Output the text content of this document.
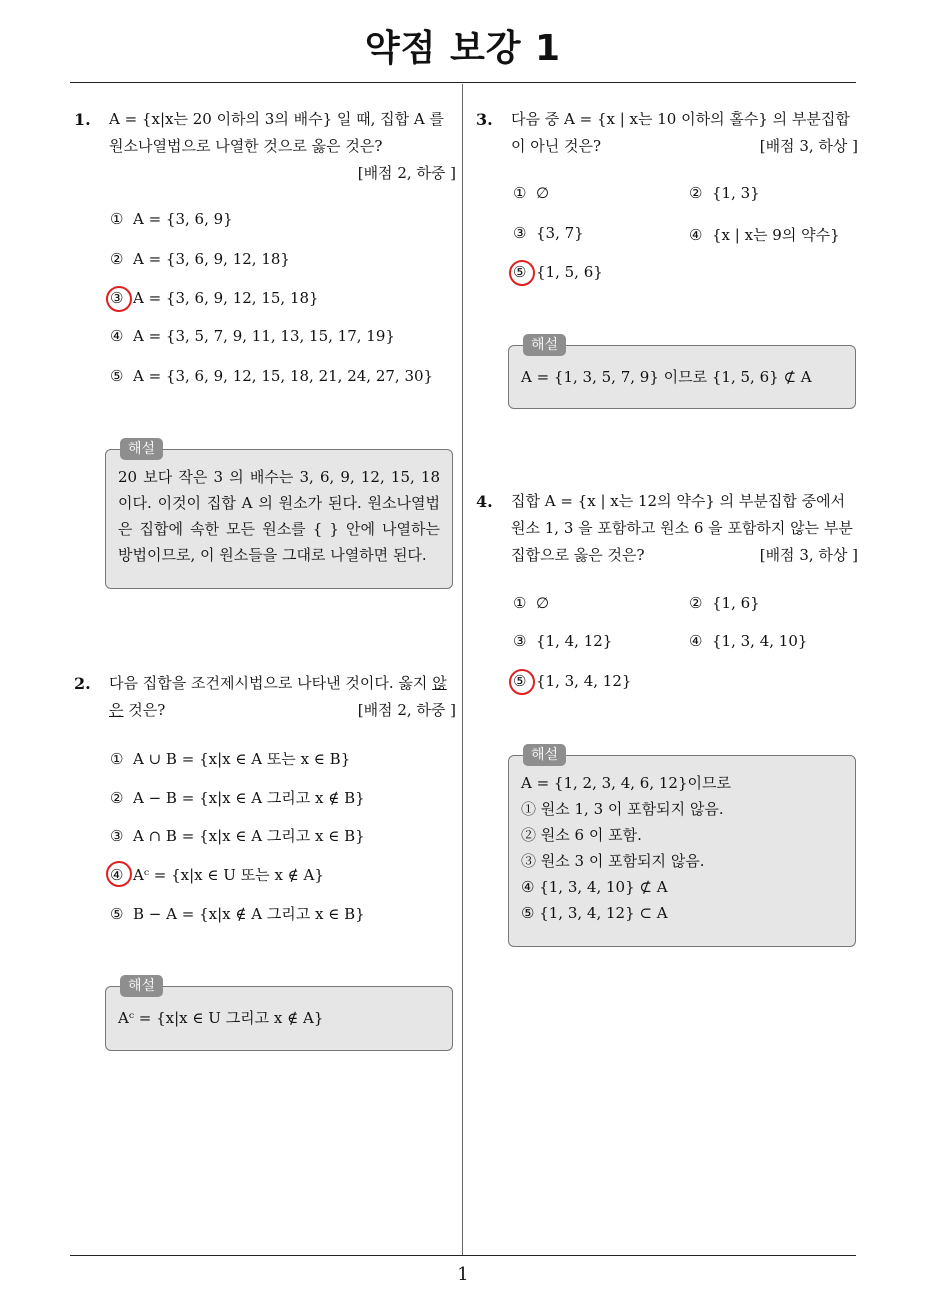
약점 보강 1
1. A = {x|x는 20 이하의 3의 배수} 일 때, 집합 A 를 원소나열법으로 나열한 것으로 옳은 것은?
[배점 2, 하중 ]
① A = {3, 6, 9}
② A = {3, 6, 9, 12, 18}
③ A = {3, 6, 9, 12, 15, 18}
④ A = {3, 5, 7, 9, 11, 13, 15, 17, 19}
⑤ A = {3, 6, 9, 12, 15, 18, 21, 24, 27, 30}
해설
20 보다 작은 3 의 배수는 3, 6, 9, 12, 15, 18 이다. 이것이 집합 A 의 원소가 된다. 원소나열법은 집합에 속한 모든 원소를 { } 안에 나열하는 방법이므로, 이 원소들을 그대로 나열하면 된다.
2. 다음 집합을 조건제시법으로 나타낸 것이다. 옳지 않은 것은?	[배점 2, 하중 ]
① A ∪ B = {x|x ∈ A 또는 x ∈ B}
② A − B = {x|x ∈ A 그리고 x ∉ B}
③ A ∩ B = {x|x ∈ A 그리고 x ∈ B}
④ Aᶜ = {x|x ∈ U 또는 x ∉ A}
⑤ B − A = {x|x ∉ A 그리고 x ∈ B}
해설
Aᶜ = {x|x ∈ U 그리고 x ∉ A}
3. 다음 중 A = {x | x는 10 이하의 홀수} 의 부분집합이 아닌 것은?	[배점 3, 하상 ]
① ∅	② {1, 3}
③ {3, 7}	④ {x | x는 9의 약수}
⑤ {1, 5, 6}
해설
A = {1, 3, 5, 7, 9} 이므로 {1, 5, 6} ⊄ A
4. 집합 A = {x | x는 12의 약수} 의 부분집합 중에서 원소 1, 3 을 포함하고 원소 6 을 포함하지 않는 부분집합으로 옳은 것은?	[배점 3, 하상 ]
① ∅	② {1, 6}
③ {1, 4, 12}	④ {1, 3, 4, 10}
⑤ {1, 3, 4, 12}
해설
A = {1, 2, 3, 4, 6, 12}이므로
① 원소 1, 3 이 포함되지 않음.
② 원소 6 이 포함.
③ 원소 3 이 포함되지 않음.
④ {1, 3, 4, 10} ⊄ A
⑤ {1, 3, 4, 12} ⊂ A
1
